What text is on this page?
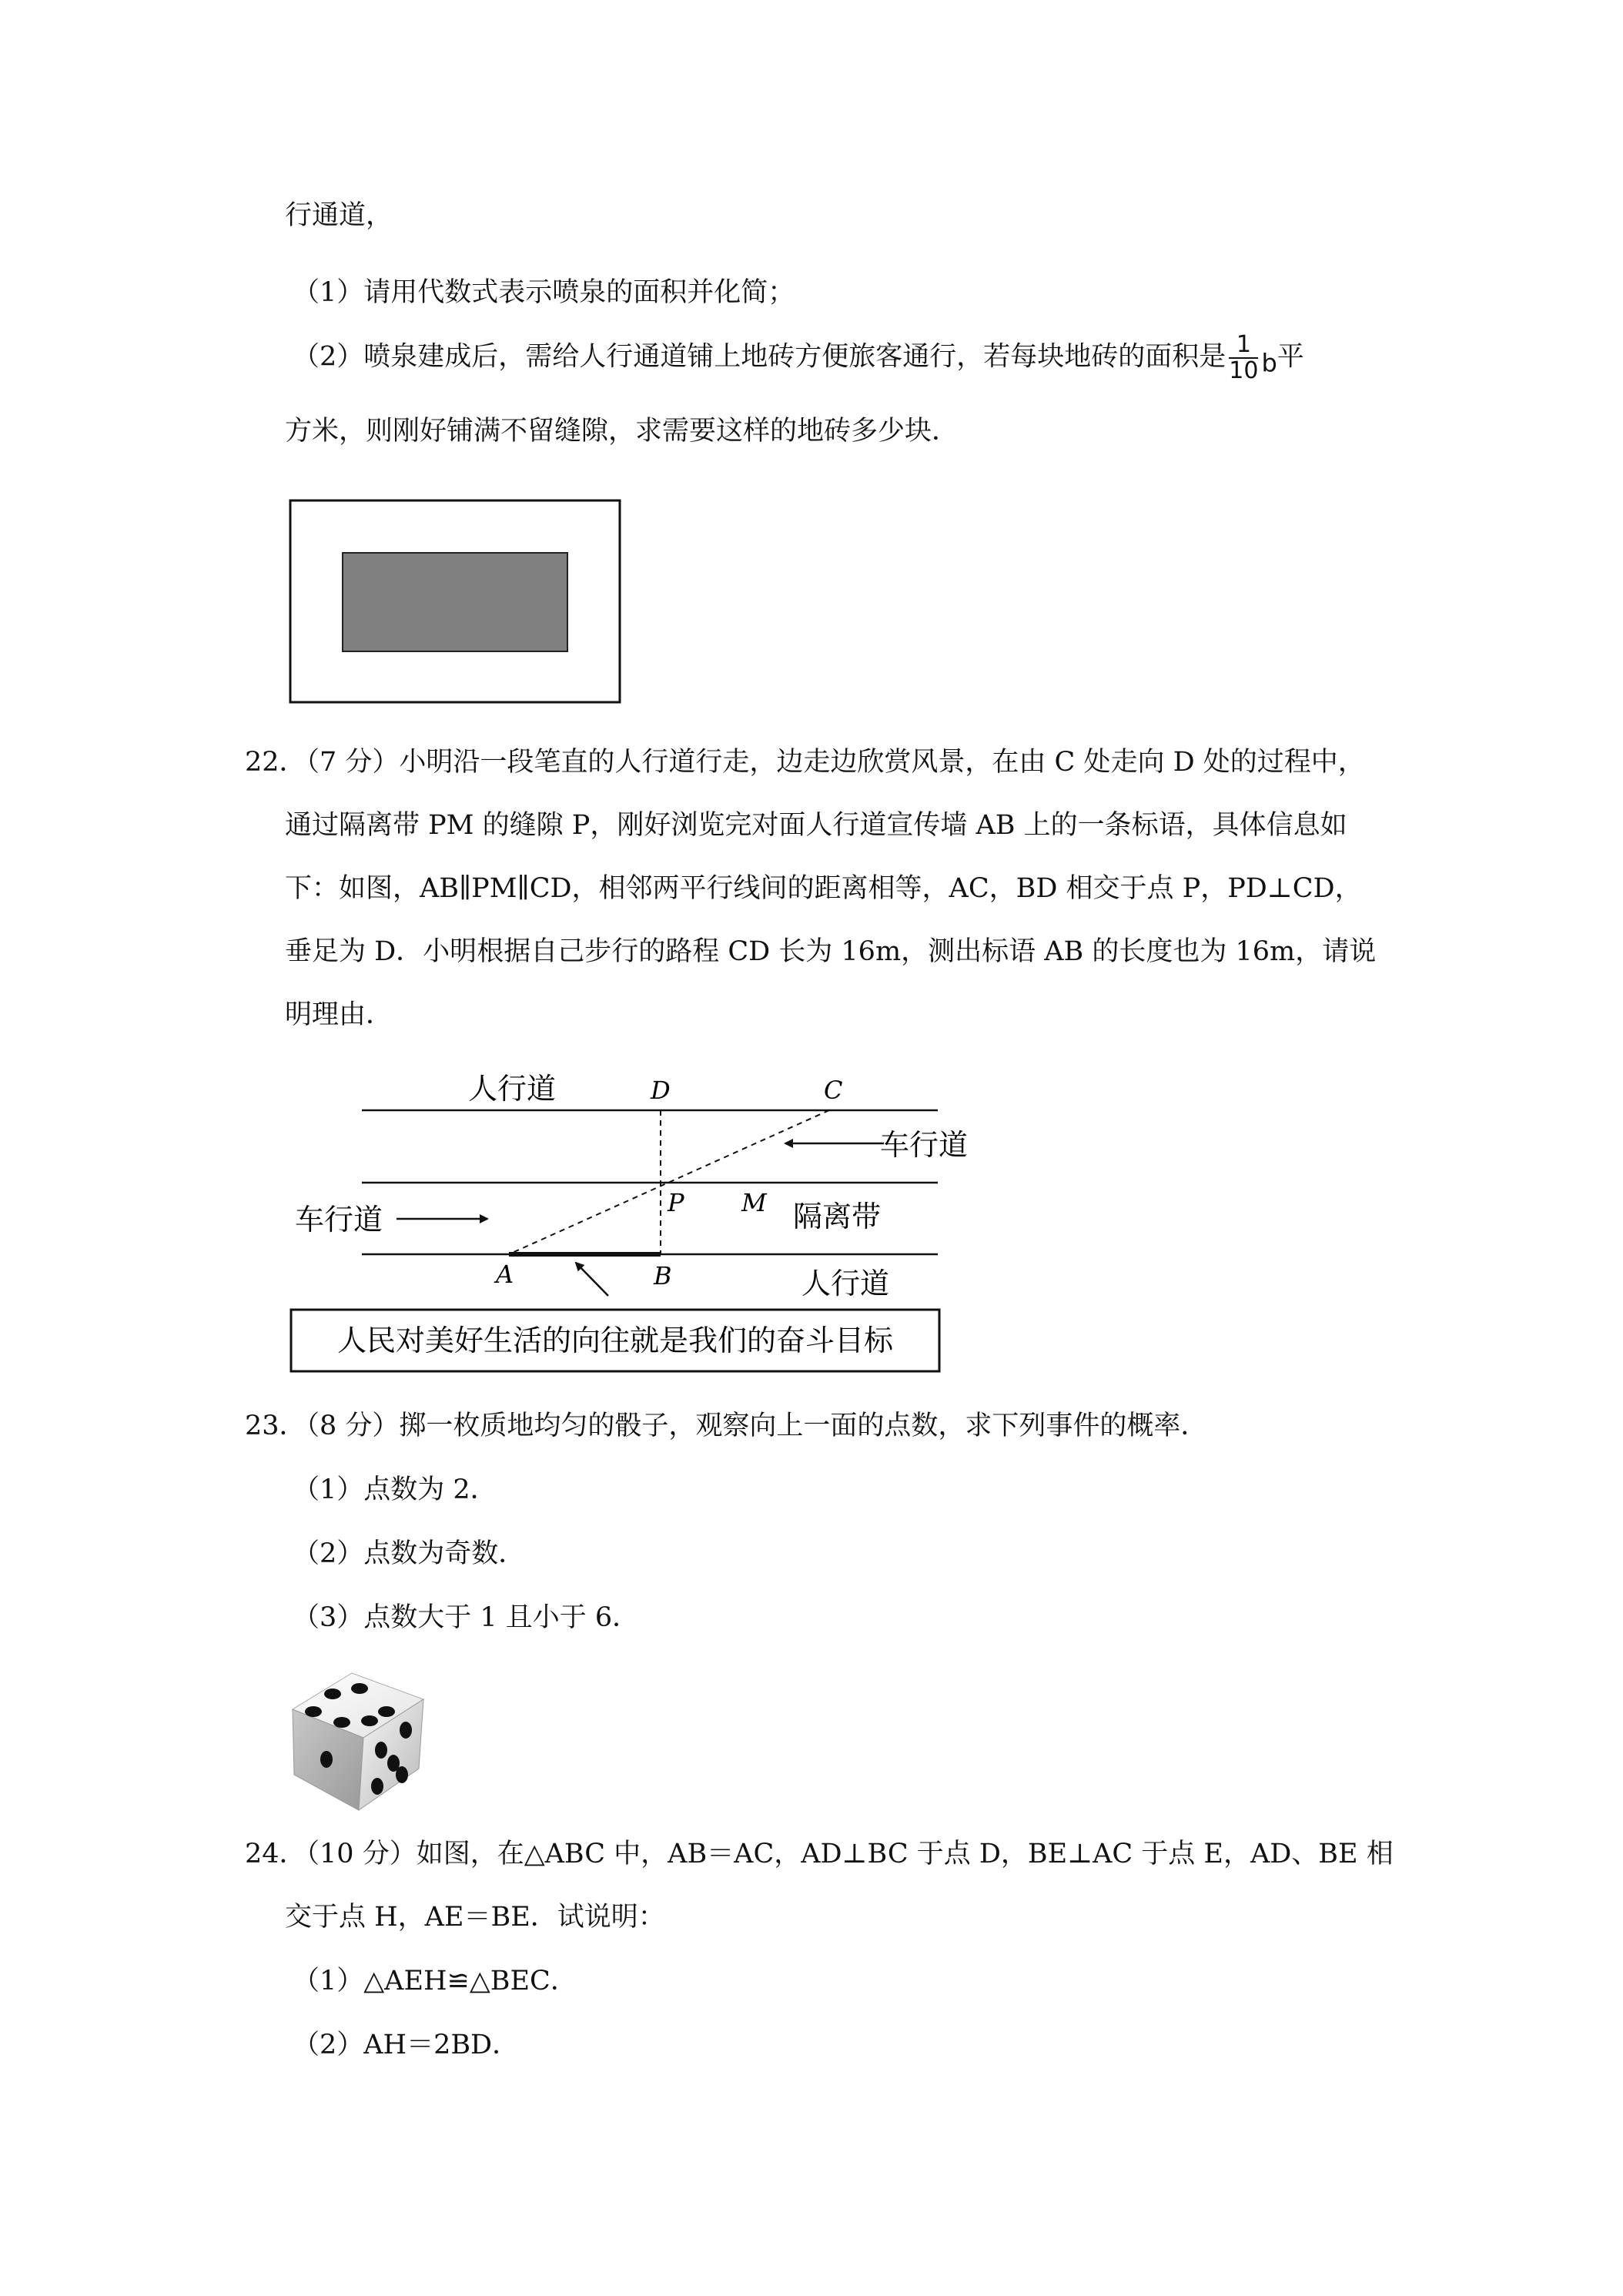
行通道，
（1）请用代数式表示喷泉的面积并化简；
（2）喷泉建成后，需给人行通道铺上地砖方便旅客通行，若每块地砖的面积是 $\frac{1}{10}$ b平
方米，则刚好铺满不留缝隙，求需要这样的地砖多少块．
22．（7 分）小明沿一段笔直的人行道行走，边走边欣赏风景，在由 C 处走向 D 处的过程中，
通过隔离带 PM 的缝隙 P，刚好浏览完对面人行道宣传墙 AB 上的一条标语，具体信息如
下：如图，AB∥PM∥CD，相邻两平行线间的距离相等，AC，BD 相交于点 P，PD⊥CD，
垂足为 D．小明根据自己步行的路程 CD 长为 16m，测出标语 AB 的长度也为 16m，请说
明理由．
人行道
车行道
车行道	隔离带
人行道
D	C
P M
A	B
人民对美好生活的向往就是我们的奋斗目标
23．（8 分）掷一枚质地均匀的骰子，观察向上一面的点数，求下列事件的概率．
（1）点数为 2．
（2）点数为奇数．
（3）点数大于 1 且小于 6．
24．（10 分）如图，在△ABC 中，AB＝AC，AD⊥BC 于点 D，BE⊥AC 于点 E，AD、BE 相
交于点 H，AE＝BE．试说明：
（1）△AEH≌△BEC．
（2）AH＝2BD．
